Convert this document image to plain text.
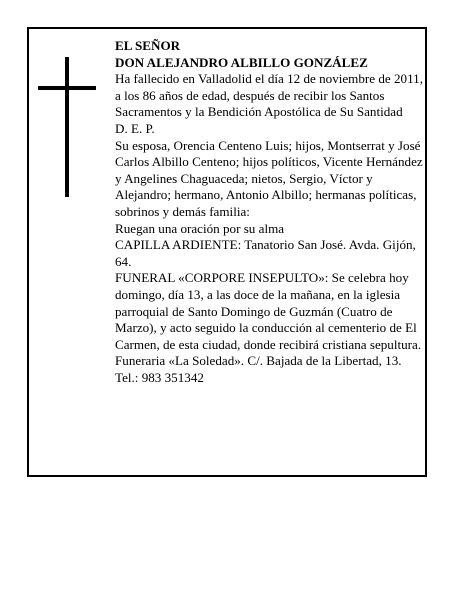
EL SEÑOR

DON ALEJANDRO ALBILLO GONZÁLEZ

Ha fallecido en Valladolid el día 12 de noviembre de 2011, a los 86 años de edad, después de recibir los Santos Sacramentos y la Bendición Apostólica de Su Santidad

D. E. P.

Su esposa, Orencia Centeno Luis; hijos, Montserrat y José Carlos Albillo Centeno; hijos políticos, Vicente Hernández y Angelines Chaguaceda; nietos, Sergio, Víctor y Alejandro; hermano, Antonio Albillo; hermanas políticas, sobrinos y demás familia:

Ruegan una oración por su alma

CAPILLA ARDIENTE: Tanatorio San José. Avda. Gijón, 64.

FUNERAL «CORPORE INSEPULTO»: Se celebra hoy domingo, día 13, a las doce de la mañana, en la iglesia parroquial de Santo Domingo de Guzmán (Cuatro de Marzo), y acto seguido la conducción al cementerio de El Carmen, de esta ciudad, donde recibirá cristiana sepultura.

Funeraria «La Soledad». C/. Bajada de la Libertad, 13. Tel.: 983 351342
